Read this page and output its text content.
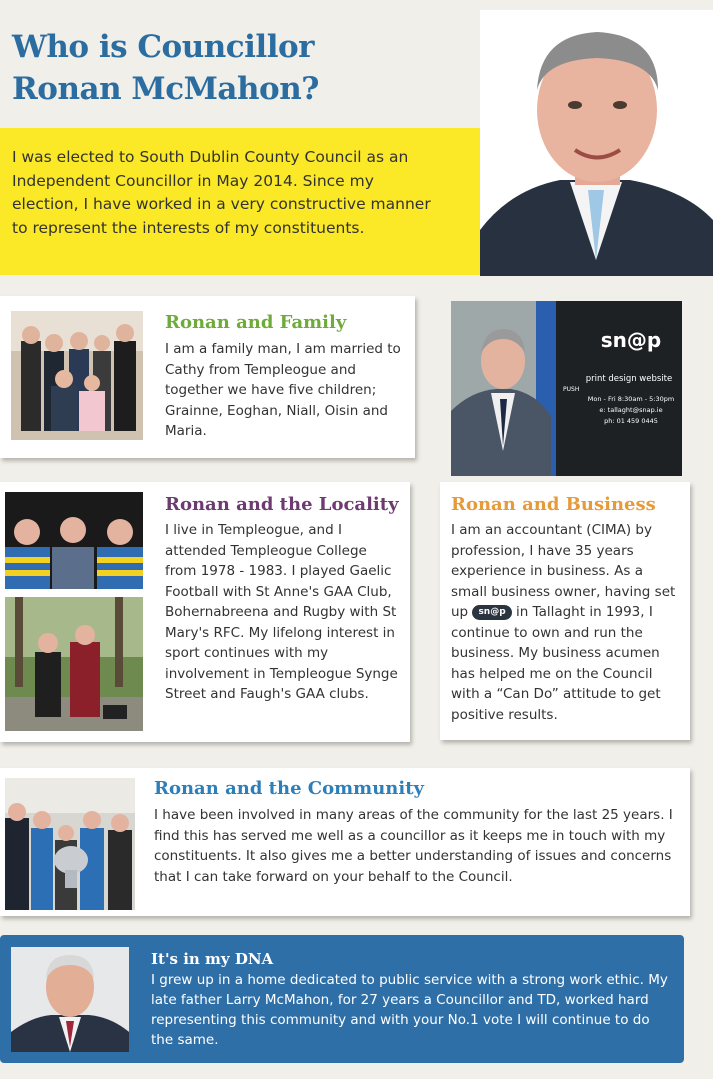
Who is Councillor
Ronan McMahon?
I was elected to South Dublin County Council as an Independent Councillor in May 2014. Since my election, I have worked in a very constructive manner to represent the interests of my constituents.
Ronan and Family
I am a family man, I am married to Cathy from Templeogue and together we have five children; Grainne, Eoghan, Niall, Oisin and Maria.
sn@p
print design website
Mon - Fri 8:30am - 5:30pm
e: tallaght@snap.ie
ph: 01 459 0445
PUSH
Ronan and the Locality
I live in Templeogue, and I attended Templeogue College from 1978 - 1983. I played Gaelic Football with St Anne's GAA Club, Bohernabreena and Rugby with St Mary's RFC. My lifelong interest in sport continues with my involvement in Templeogue Synge Street and Faugh's GAA clubs.
Ronan and Business
I am an accountant (CIMA) by profession, I have 35 years experience in business. As a small business owner, having set up sn@p in Tallaght in 1993, I continue to own and run the business. My business acumen has helped me on the Council with a “Can Do” attitude to get positive results.
Ronan and the Community
I have been involved in many areas of the community for the last 25 years. I find this has served me well as a councillor as it keeps me in touch with my constituents. It also gives me a better understanding of issues and concerns that I can take forward on your behalf to the Council.
It's in my DNA
I grew up in a home dedicated to public service with a strong work ethic. My late father Larry McMahon, for 27 years a Councillor and TD, worked hard representing this community and with your No.1 vote I will continue to do the same.
